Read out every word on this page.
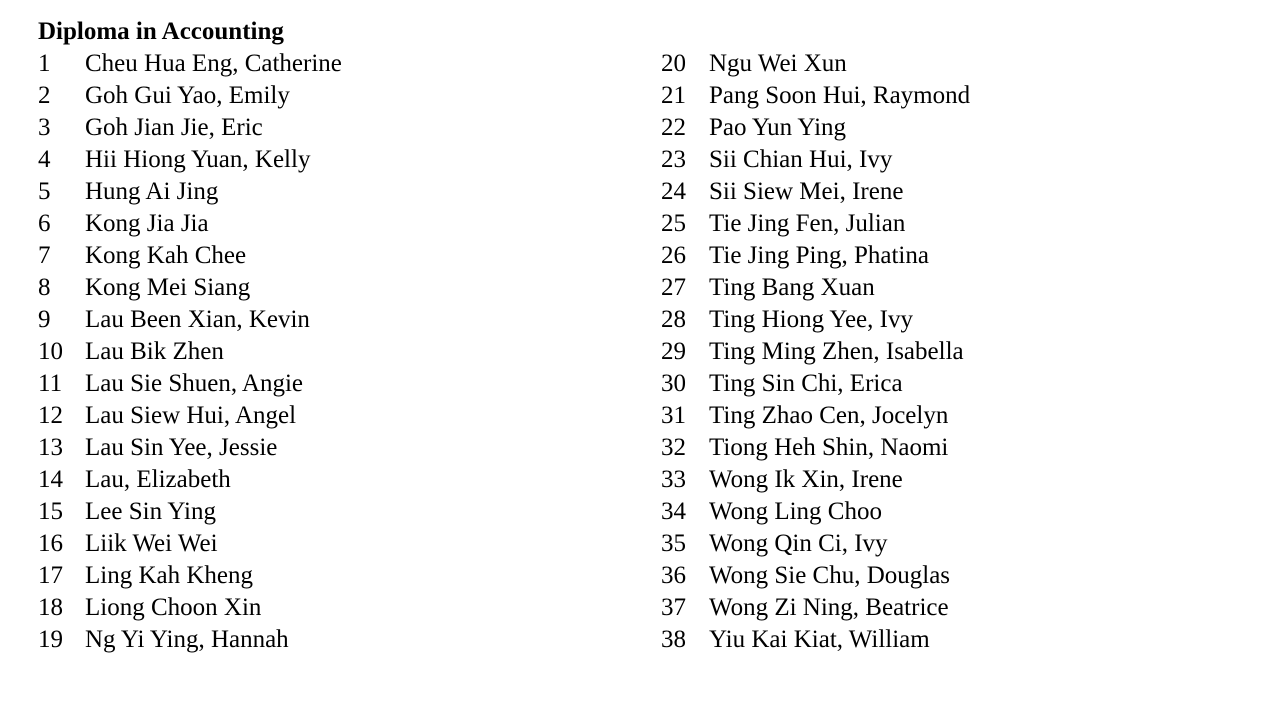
Diploma in Accounting
1	Cheu Hua Eng, Catherine
2	Goh Gui Yao, Emily
3	Goh Jian Jie, Eric
4	Hii Hiong Yuan, Kelly
5	Hung Ai Jing
6	Kong Jia Jia
7	Kong Kah Chee
8	Kong Mei Siang
9	Lau Been Xian, Kevin
10 Lau Bik Zhen
11 Lau Sie Shuen, Angie
12 Lau Siew Hui, Angel
13 Lau Sin Yee, Jessie
14 Lau, Elizabeth
15 Lee Sin Ying
16 Liik Wei Wei
17 Ling Kah Kheng
18 Liong Choon Xin
19 Ng Yi Ying, Hannah
20 Ngu Wei Xun
21 Pang Soon Hui, Raymond
22 Pao Yun Ying
23 Sii Chian Hui, Ivy
24 Sii Siew Mei, Irene
25 Tie Jing Fen, Julian
26 Tie Jing Ping, Phatina
27 Ting Bang Xuan
28 Ting Hiong Yee, Ivy
29 Ting Ming Zhen, Isabella
30 Ting Sin Chi, Erica
31 Ting Zhao Cen, Jocelyn
32 Tiong Heh Shin, Naomi
33 Wong Ik Xin, Irene
34 Wong Ling Choo
35 Wong Qin Ci, Ivy
36 Wong Sie Chu, Douglas
37 Wong Zi Ning, Beatrice
38 Yiu Kai Kiat, William
